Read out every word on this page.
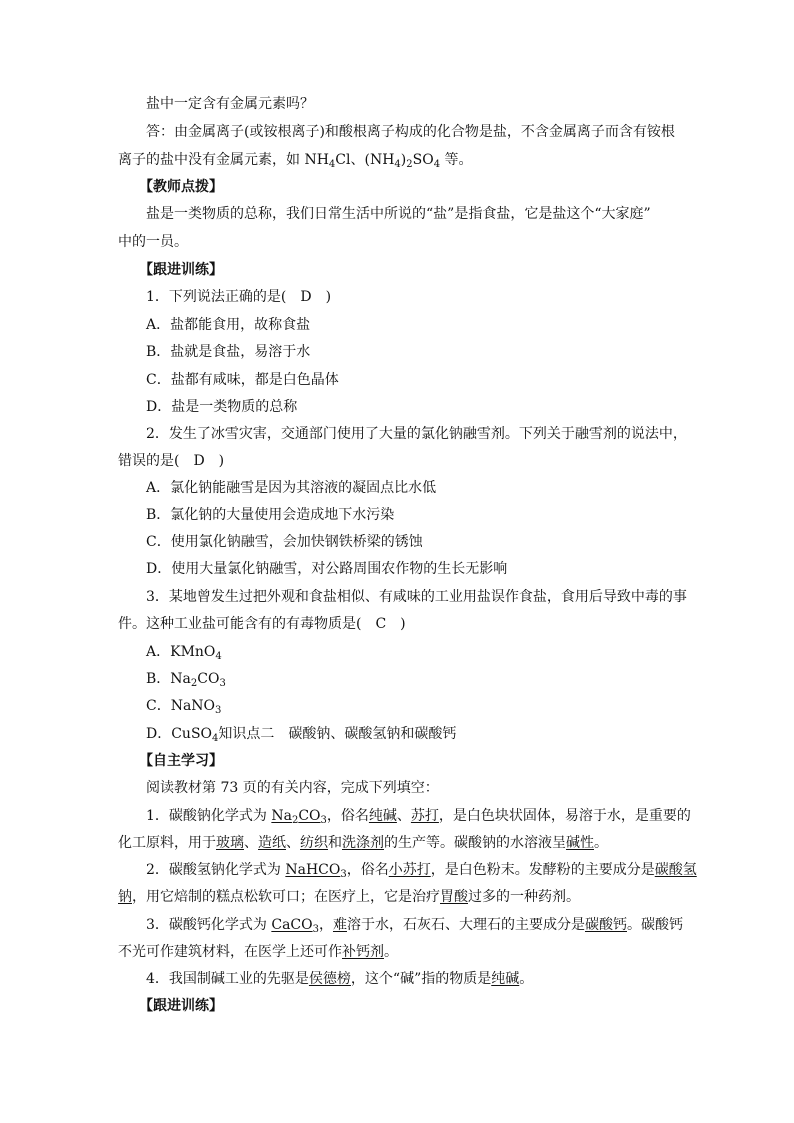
盐中一定含有金属元素吗？
答：由金属离子(或铵根离子)和酸根离子构成的化合物是盐，不含金属离子而含有铵根
离子的盐中没有金属元素，如 $NH_4Cl$、$(NH_4)_2SO_4$ 等。
【教师点拨】
盐是一类物质的总称，我们日常生活中所说的“盐”是指食盐，它是盐这个“大家庭”
中的一员。
【跟进训练】
1．下列说法正确的是(　D　)
A．盐都能食用，故称食盐
B．盐就是食盐，易溶于水
C．盐都有咸味，都是白色晶体
D．盐是一类物质的总称
2．发生了冰雪灾害，交通部门使用了大量的氯化钠融雪剂。下列关于融雪剂的说法中，
错误的是(　D　)
A．氯化钠能融雪是因为其溶液的凝固点比水低
B．氯化钠的大量使用会造成地下水污染
C．使用氯化钠融雪，会加快钢铁桥梁的锈蚀
D．使用大量氯化钠融雪，对公路周围农作物的生长无影响
3．某地曾发生过把外观和食盐相似、有咸味的工业用盐误作食盐，食用后导致中毒的事
件。这种工业盐可能含有的有毒物质是(　C　)
A．KMnO$_4$
B．$Na_2CO_3$
C．NaNO$_3$
D．CuSO$_4$知识点二　碳酸钠、碳酸氢钠和碳酸钙
【自主学习】
阅读教材第 73 页的有关内容，完成下列填空：
1．碳酸钠化学式为 $Na_2CO_3$，俗名纯碱、苏打，是白色块状固体，易溶于水，是重要的
化工原料，用于玻璃、造纸、纺织和洗涤剂的生产等。碳酸钠的水溶液呈碱性。
2．碳酸氢钠化学式为 NaHCO$_3$，俗名小苏打，是白色粉末。发酵粉的主要成分是碳酸氢
钠，用它焙制的糕点松软可口；在医疗上，它是治疗胃酸过多的一种药剂。
3．碳酸钙化学式为 CaCO$_3$，难溶于水，石灰石、大理石的主要成分是碳酸钙。碳酸钙
不光可作建筑材料，在医学上还可作补钙剂。
4．我国制碱工业的先驱是侯德榜，这个“碱”指的物质是纯碱。
【跟进训练】
